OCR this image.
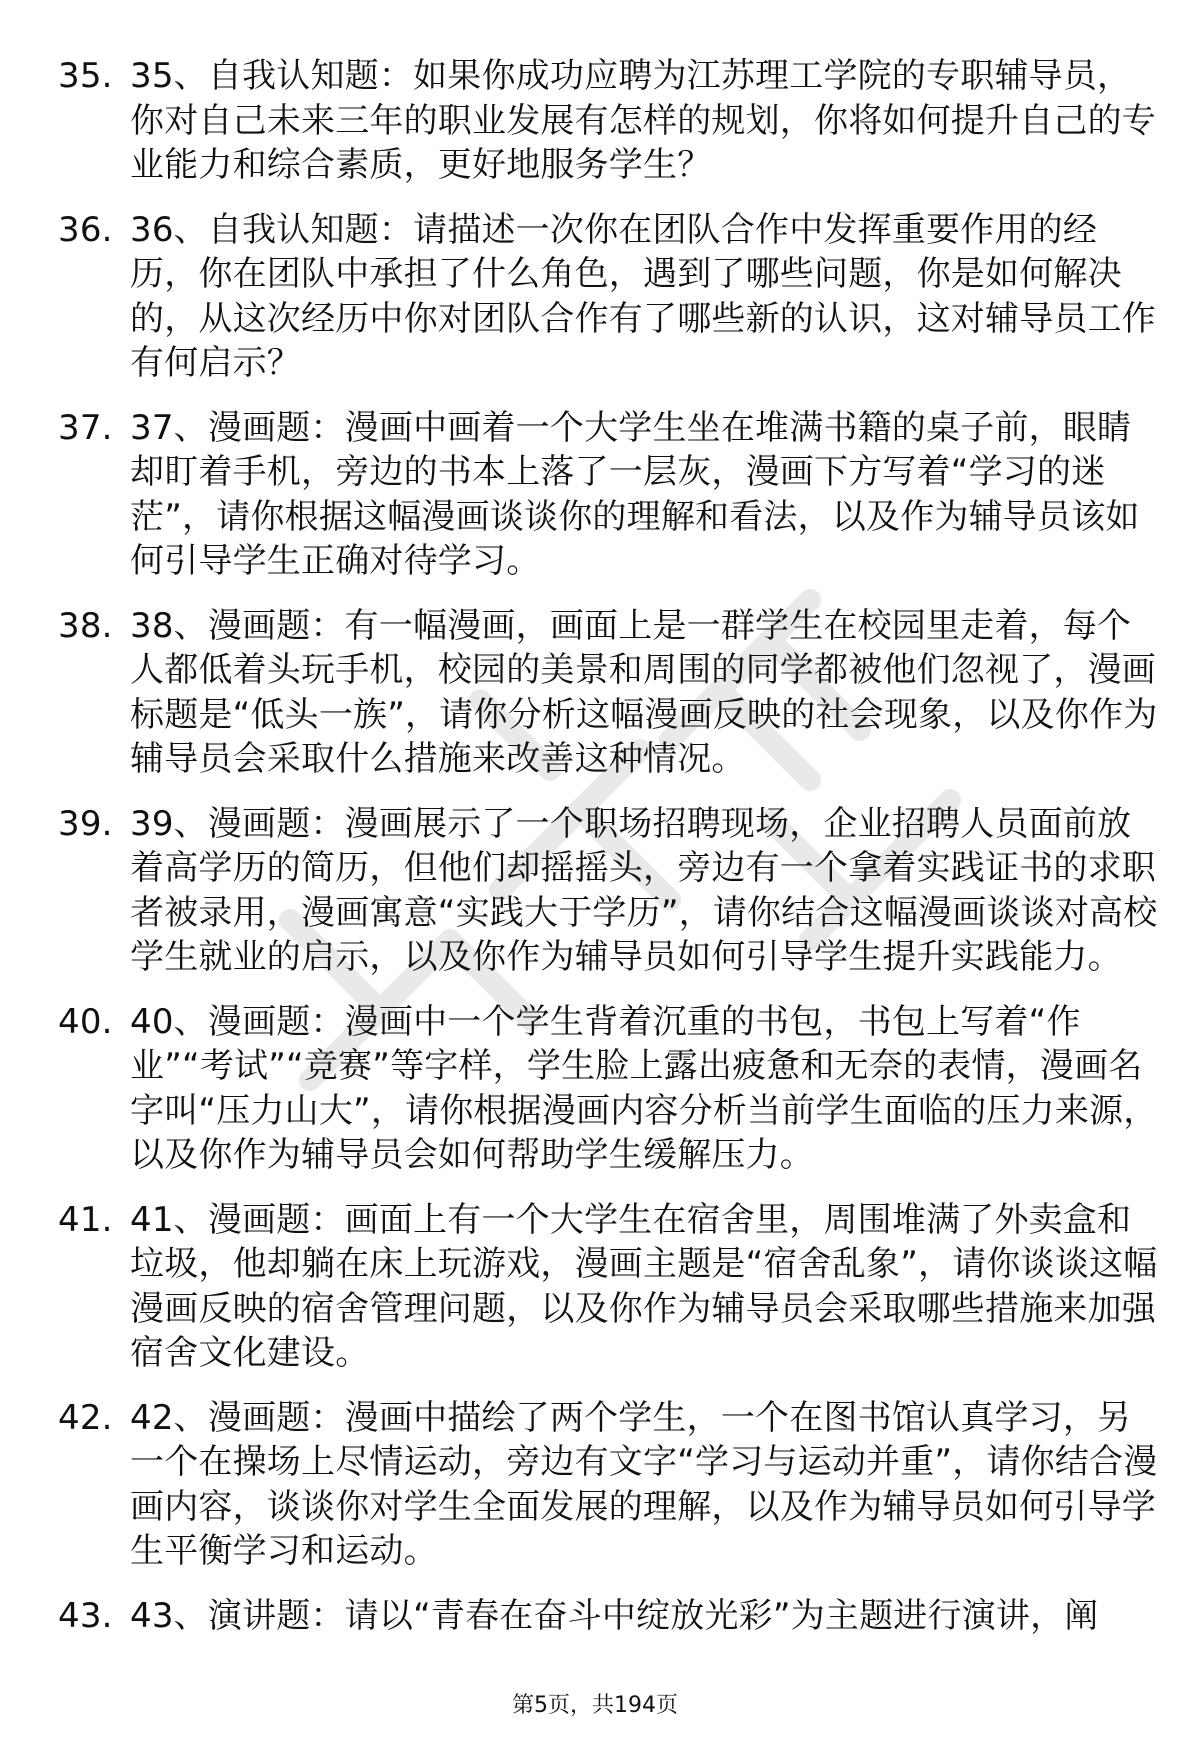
35. 35、自我认知题：如果你成功应聘为江苏理工学院的专职辅导员，你对自己未来三年的职业发展有怎样的规划，你将如何提升自己的专业能力和综合素质，更好地服务学生？
36. 36、自我认知题：请描述一次你在团队合作中发挥重要作用的经历，你在团队中承担了什么角色，遇到了哪些问题，你是如何解决的，从这次经历中你对团队合作有了哪些新的认识，这对辅导员工作有何启示？
37. 37、漫画题：漫画中画着一个大学生坐在堆满书籍的桌子前，眼睛却盯着手机，旁边的书本上落了一层灰，漫画下方写着“学习的迷茫”，请你根据这幅漫画谈谈你的理解和看法，以及作为辅导员该如何引导学生正确对待学习。
38. 38、漫画题：有一幅漫画，画面上是一群学生在校园里走着，每个人都低着头玩手机，校园的美景和周围的同学都被他们忽视了，漫画标题是“低头一族”，请你分析这幅漫画反映的社会现象，以及你作为辅导员会采取什么措施来改善这种情况。
39. 39、漫画题：漫画展示了一个职场招聘现场，企业招聘人员面前放着高学历的简历，但他们却摇摇头，旁边有一个拿着实践证书的求职者被录用，漫画寓意“实践大于学历”，请你结合这幅漫画谈谈对高校学生就业的启示，以及你作为辅导员如何引导学生提升实践能力。
40. 40、漫画题：漫画中一个学生背着沉重的书包，书包上写着“作业”“考试”“竞赛”等字样，学生脸上露出疲惫和无奈的表情，漫画名字叫“压力山大”，请你根据漫画内容分析当前学生面临的压力来源，以及你作为辅导员会如何帮助学生缓解压力。
41. 41、漫画题：画面上有一个大学生在宿舍里，周围堆满了外卖盒和垃圾，他却躺在床上玩游戏，漫画主题是“宿舍乱象”，请你谈谈这幅漫画反映的宿舍管理问题，以及你作为辅导员会采取哪些措施来加强宿舍文化建设。
42. 42、漫画题：漫画中描绘了两个学生，一个在图书馆认真学习，另一个在操场上尽情运动，旁边有文字“学习与运动并重”，请你结合漫画内容，谈谈你对学生全面发展的理解，以及作为辅导员如何引导学生平衡学习和运动。
43. 43、演讲题：请以“青春在奋斗中绽放光彩”为主题进行演讲，阐
第5页，共194页
